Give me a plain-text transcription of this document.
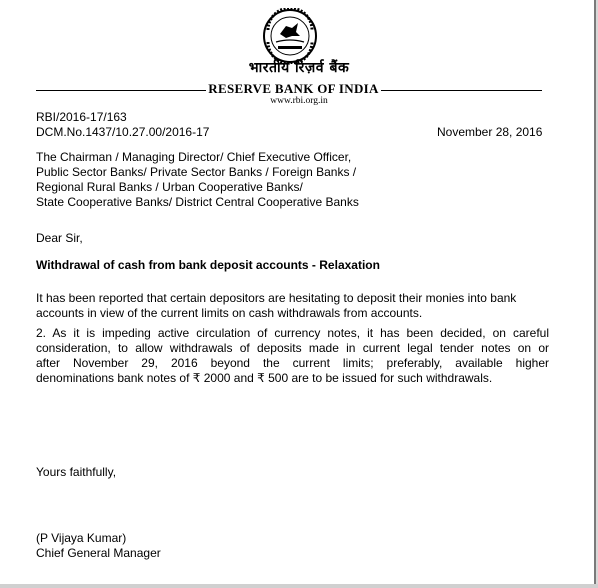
भारतीय रिज़र्व बैंक
RESERVE BANK OF INDIA
www.rbi.org.in
RBI/2016-17/163
DCM.No.1437/10.27.00/2016-17	November 28, 2016
The Chairman / Managing Director/ Chief Executive Officer,
Public Sector Banks/ Private Sector Banks / Foreign Banks /
Regional Rural Banks / Urban Cooperative Banks/
State Cooperative Banks/ District Central Cooperative Banks
Dear Sir,
Withdrawal of cash from bank deposit accounts - Relaxation
It has been reported that certain depositors are hesitating to deposit their monies into bank
accounts in view of the current limits on cash withdrawals from accounts.
2. As it is impeding active circulation of currency notes, it has been decided, on careful
consideration, to allow withdrawals of deposits made in current legal tender notes on or
after November 29, 2016 beyond the current limits; preferably, available higher
denominations bank notes of ₹ 2000 and ₹ 500 are to be issued for such withdrawals.
Yours faithfully,
(P Vijaya Kumar)
Chief General Manager
